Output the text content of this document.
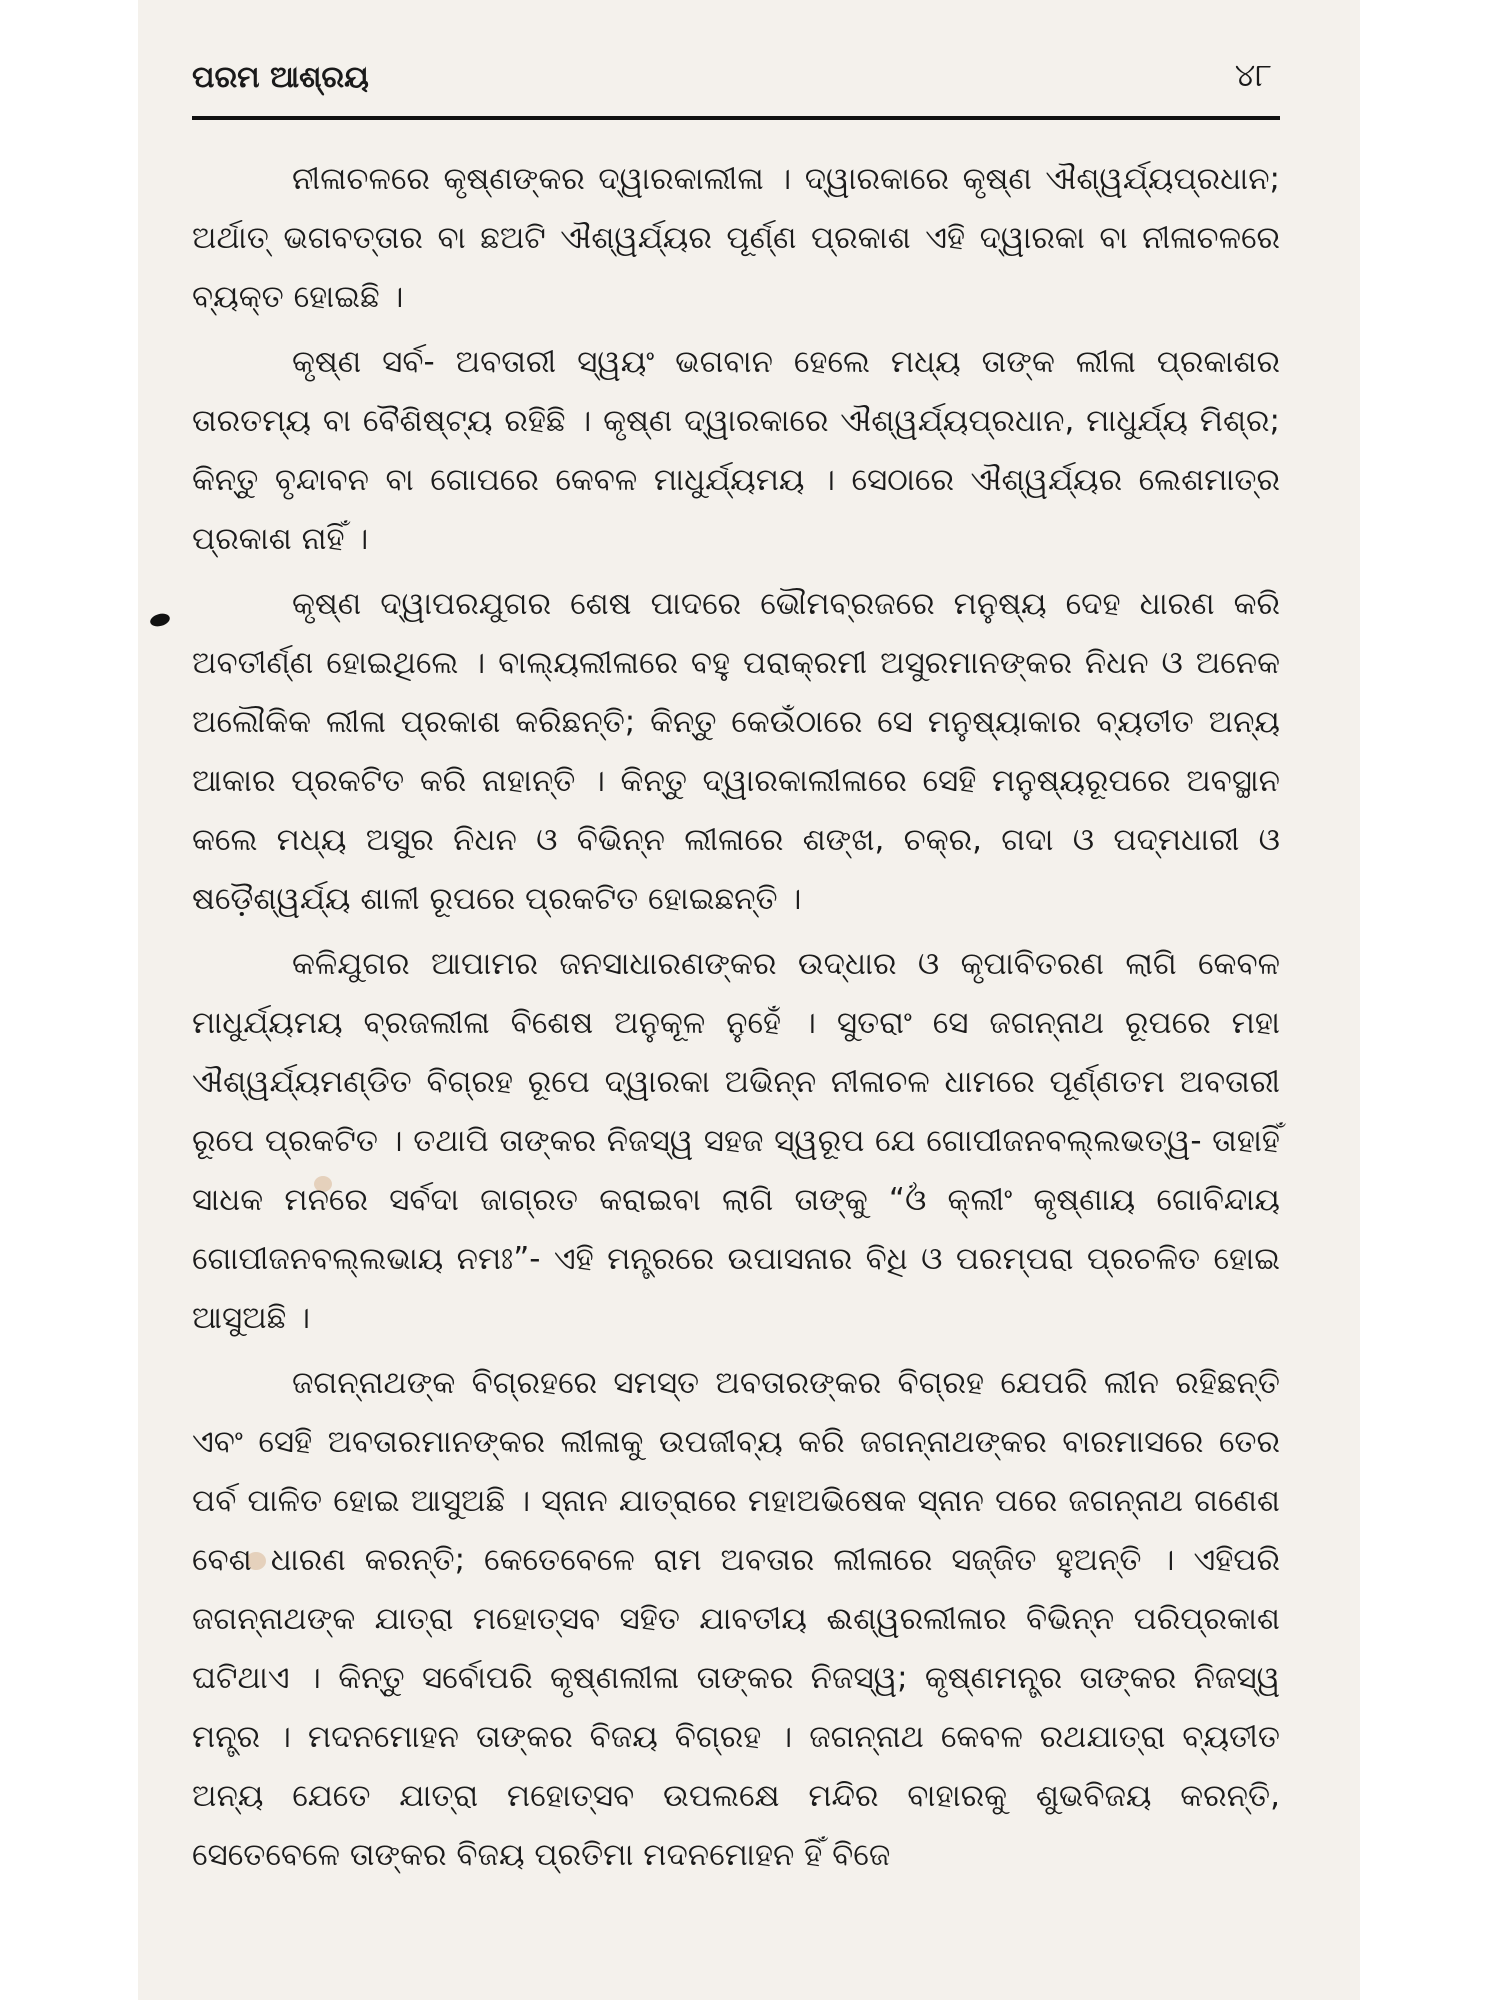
ପରମ ଆଶ୍ରୟ	୪୮

ନୀଳାଚଳରେ କୃଷ୍ଣଙ୍କର ଦ୍ୱାରକାଲୀଳା । ଦ୍ୱାରକାରେ କୃଷ୍ଣ ଐଶ୍ୱର୍ଯ୍ୟପ୍ରଧାନ; ଅର୍ଥାତ୍ ଭଗବତ୍ତାର ବା ଛଅଟି ଐଶ୍ୱର୍ଯ୍ୟର ପୂର୍ଣ୍ଣ ପ୍ରକାଶ ଏହି ଦ୍ୱାରକା ବା ନୀଳାଚଳରେ ବ୍ୟକ୍ତ ହୋଇଛି ।

କୃଷ୍ଣ ସର୍ବ- ଅବତାରୀ ସ୍ୱୟଂ ଭଗବାନ ହେଲେ ମଧ୍ୟ ତାଙ୍କ ଲୀଳା ପ୍ରକାଶର ତାରତମ୍ୟ ବା ବୈଶିଷ୍ଟ୍ୟ ରହିଛି । କୃଷ୍ଣ ଦ୍ୱାରକାରେ ଐଶ୍ୱର୍ଯ୍ୟପ୍ରଧାନ, ମାଧୁର୍ଯ୍ୟ ମିଶ୍ର; କିନ୍ତୁ ବୃନ୍ଦାବନ ବା ଗୋପରେ କେବଳ ମାଧୁର୍ଯ୍ୟମୟ । ସେଠାରେ ଐଶ୍ୱର୍ଯ୍ୟର ଲେଶମାତ୍ର ପ୍ରକାଶ ନାହିଁ ।

କୃଷ୍ଣ ଦ୍ୱାପରଯୁଗର ଶେଷ ପାଦରେ ଭୌମବ୍ରଜରେ ମନୁଷ୍ୟ ଦେହ ଧାରଣ କରି ଅବତୀର୍ଣ୍ଣ ହୋଇଥିଲେ । ବାଲ୍ୟଲୀଳାରେ ବହୁ ପରାକ୍ରମୀ ଅସୁରମାନଙ୍କର ନିଧନ ଓ ଅନେକ ଅଲୌକିକ ଲୀଳା ପ୍ରକାଶ କରିଛନ୍ତି; କିନ୍ତୁ କେଉଁଠାରେ ସେ ମନୁଷ୍ୟାକାର ବ୍ୟତୀତ ଅନ୍ୟ ଆକାର ପ୍ରକଟିତ କରି ନାହାନ୍ତି । କିନ୍ତୁ ଦ୍ୱାରକାଲୀଳାରେ ସେହି ମନୁଷ୍ୟରୂପରେ ଅବସ୍ଥାନ କଲେ ମଧ୍ୟ ଅସୁର ନିଧନ ଓ ବିଭିନ୍ନ ଲୀଳାରେ ଶଙ୍ଖ, ଚକ୍ର, ଗଦା ଓ ପଦ୍ମଧାରୀ ଓ ଷଡ଼ୈଶ୍ୱର୍ଯ୍ୟ ଶାଳୀ ରୂପରେ ପ୍ରକଟିତ ହୋଇଛନ୍ତି ।

କଳିଯୁଗର ଆପାମର ଜନସାଧାରଣଙ୍କର ଉଦ୍ଧାର ଓ କୃପାବିତରଣ ଲାଗି କେବଳ ମାଧୁର୍ଯ୍ୟମୟ ବ୍ରଜଲୀଳା ବିଶେଷ ଅନୁକୂଳ ନୁହେଁ । ସୁତରାଂ ସେ ଜଗନ୍ନାଥ ରୂପରେ ମହା ଐଶ୍ୱର୍ଯ୍ୟମଣ୍ଡିତ ବିଗ୍ରହ ରୂପେ ଦ୍ୱାରକା ଅଭିନ୍ନ ନୀଳାଚଳ ଧାମରେ ପୂର୍ଣ୍ଣତମ ଅବତାରୀ ରୂପେ ପ୍ରକଟିତ । ତଥାପି ତାଙ୍କର ନିଜସ୍ୱ ସହଜ ସ୍ୱରୂପ ଯେ ଗୋପୀଜନବଲ୍ଲଭତ୍ୱ- ତାହାହିଁ ସାଧକ ମନରେ ସର୍ବଦା ଜାଗ୍ରତ କରାଇବା ଲାଗି ତାଙ୍କୁ “ଓଁ କ୍ଲୀଂ କୃଷ୍ଣାୟ ଗୋବିନ୍ଦାୟ ଗୋପୀଜନବଲ୍ଲଭାୟ ନମଃ”- ଏହି ମନ୍ତ୍ରରେ ଉପାସନାର ବିଧି ଓ ପରମ୍ପରା ପ୍ରଚଳିତ ହୋଇ ଆସୁଅଛି ।

ଜଗନ୍ନାଥଙ୍କ ବିଗ୍ରହରେ ସମସ୍ତ ଅବତାରଙ୍କର ବିଗ୍ରହ ଯେପରି ଲୀନ ରହିଛନ୍ତି ଏବଂ ସେହି ଅବତାରମାନଙ୍କର ଲୀଳାକୁ ଉପଜୀବ୍ୟ କରି ଜଗନ୍ନାଥଙ୍କର ବାରମାସରେ ତେର ପର୍ବ ପାଳିତ ହୋଇ ଆସୁଅଛି । ସ୍ନାନ ଯାତ୍ରାରେ ମହାଅଭିଷେକ ସ୍ନାନ ପରେ ଜଗନ୍ନାଥ ଗଣେଶ ବେଶ ଧାରଣ କରନ୍ତି; କେତେବେଳେ ରାମ ଅବତାର ଲୀଳାରେ ସଜ୍ଜିତ ହୁଅନ୍ତି । ଏହିପରି ଜଗନ୍ନାଥଙ୍କ ଯାତ୍ରା ମହୋତ୍ସବ ସହିତ ଯାବତୀୟ ଈଶ୍ୱରଲୀଳାର ବିଭିନ୍ନ ପରିପ୍ରକାଶ ଘଟିଥାଏ । କିନ୍ତୁ ସର୍ବୋପରି କୃଷ୍ଣଲୀଳା ତାଙ୍କର ନିଜସ୍ୱ; କୃଷ୍ଣମନ୍ତ୍ର ତାଙ୍କର ନିଜସ୍ୱ ମନ୍ତ୍ର । ମଦନମୋହନ ତାଙ୍କର ବିଜୟ ବିଗ୍ରହ । ଜଗନ୍ନାଥ କେବଳ ରଥଯାତ୍ରା ବ୍ୟତୀତ ଅନ୍ୟ ଯେତେ ଯାତ୍ରା ମହୋତ୍ସବ ଉପଲକ୍ଷେ ମନ୍ଦିର ବାହାରକୁ ଶୁଭବିଜୟ କରନ୍ତି, ସେତେବେଳେ ତାଙ୍କର ବିଜୟ ପ୍ରତିମା ମଦନମୋହନ ହିଁ ବିଜେ
